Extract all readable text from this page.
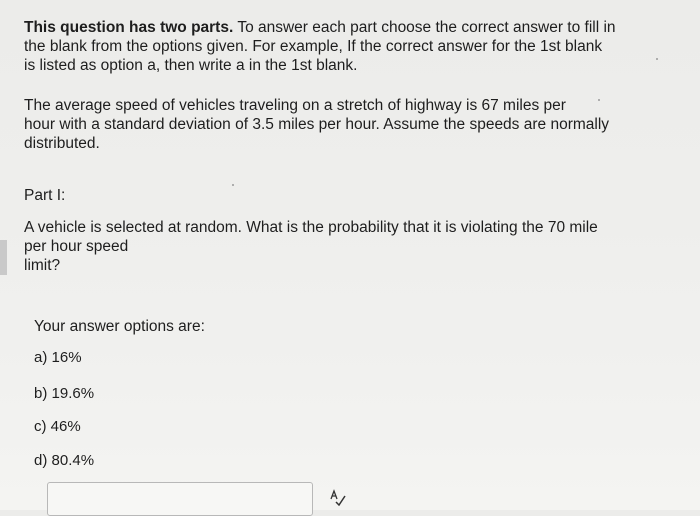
This question has two parts. To answer each part choose the correct answer to fill in
the blank from the options given. For example, If the correct answer for the 1st blank
is listed as option a, then write a in the 1st blank.
The average speed of vehicles traveling on a stretch of highway is 67 miles per
hour with a standard deviation of 3.5 miles per hour. Assume the speeds are normally
distributed.
Part I:
A vehicle is selected at random. What is the probability that it is violating the 70 mile
per hour speed
limit?
Your answer options are:
a) 16%
b) 19.6%
c) 46%
d) 80.4%
